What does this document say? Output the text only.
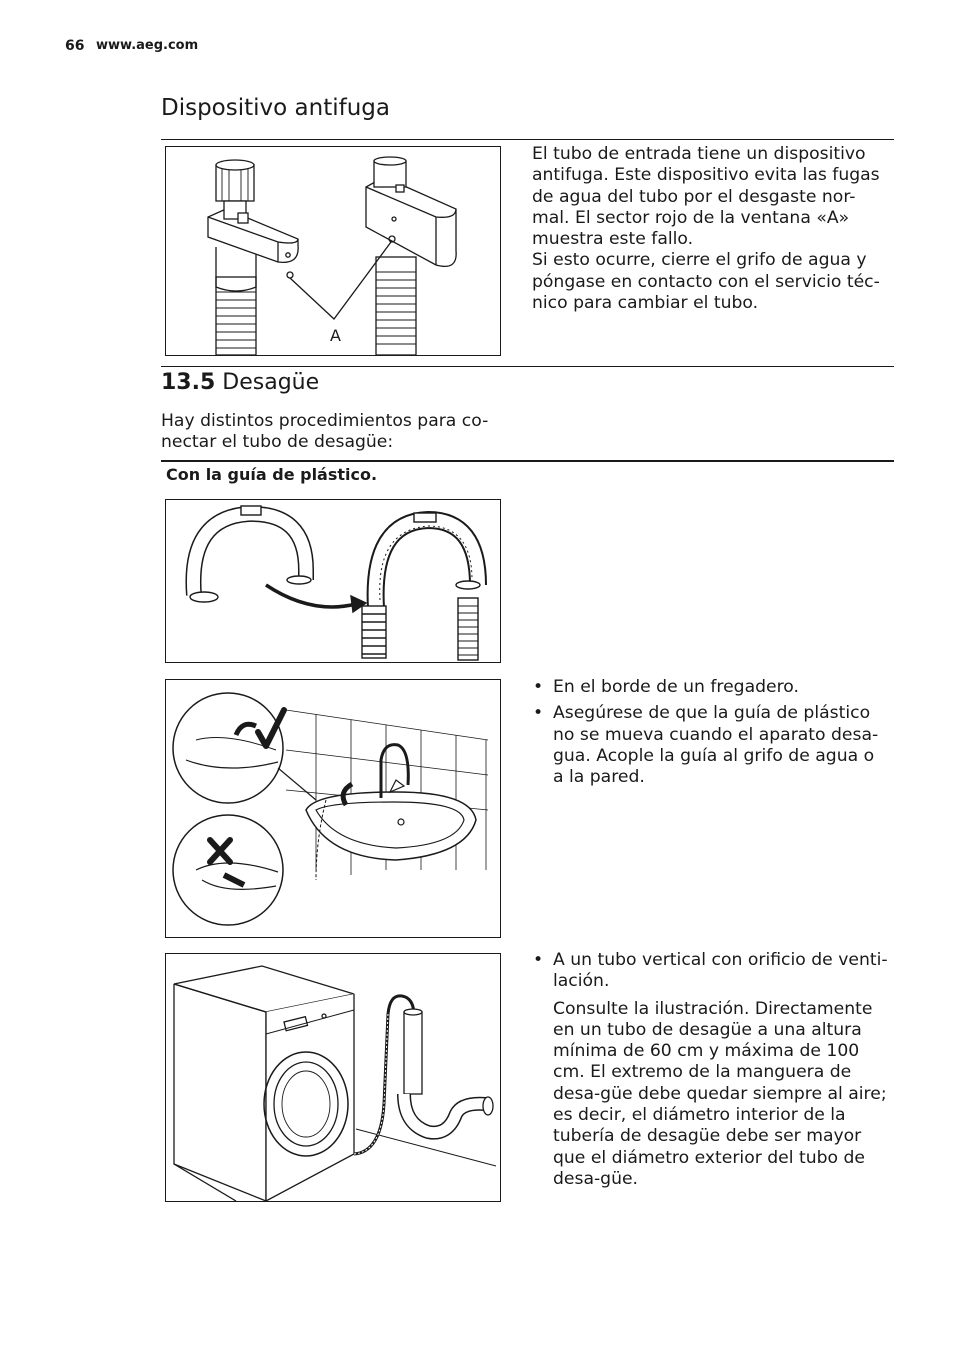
66 www.aeg.com
Dispositivo antifuga
A

El tubo de entrada tiene un dispositivo antifuga. Este dispositivo evita las fugas de agua del tubo por el desgaste nor-mal. El sector rojo de la ventana «A» muestra este fallo.

Si esto ocurre, cierre el grifo de agua y póngase en contacto con el servicio téc-nico para cambiar el tubo.

13.5 Desagüe
Hay distintos procedimientos para co-nectar el tubo de desagüe:
Con la guía de plástico.
• En el borde de un fregadero.
• Asegúrese de que la guía de plástico no se mueva cuando el aparato desa-gua. Acople la guía al grifo de agua o a la pared.
• A un tubo vertical con orificio de venti-lación.

Consulte la ilustración. Directamente en un tubo de desagüe a una altura mínima de 60 cm y máxima de 100 cm. El extremo de la manguera de desa-güe debe quedar siempre al aire; es decir, el diámetro interior de la tubería de desagüe debe ser mayor que el diámetro exterior del tubo de desa-güe.
